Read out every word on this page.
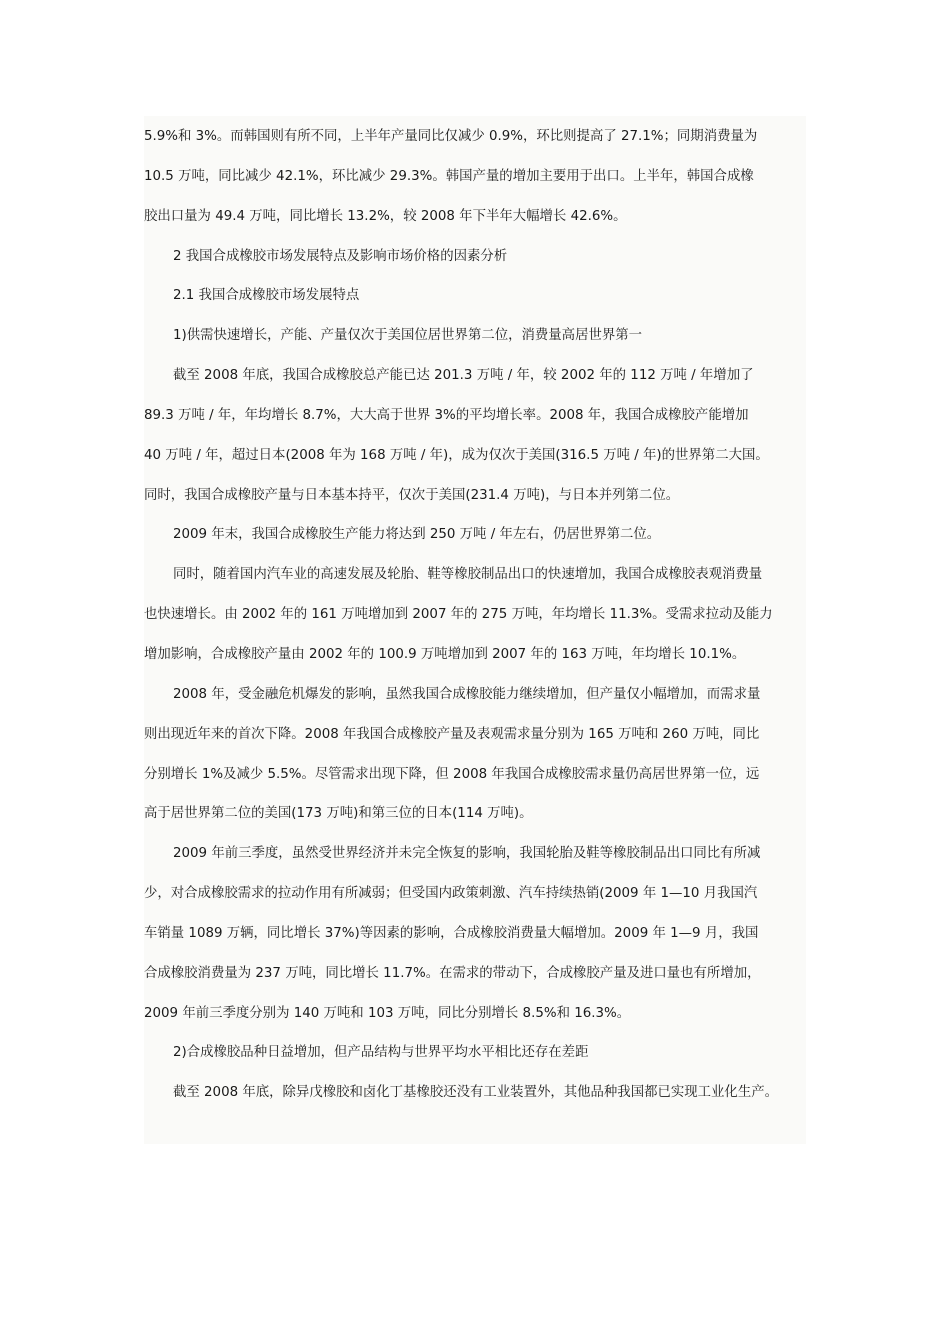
5.9%和 3%。而韩国则有所不同，上半年产量同比仅减少 0.9%，环比则提高了 27.1%；同期消费量为
10.5 万吨，同比减少 42.1%，环比减少 29.3%。韩国产量的增加主要用于出口。上半年，韩国合成橡
胶出口量为 49.4 万吨，同比增长 13.2%，较 2008 年下半年大幅增长 42.6%。
2 我国合成橡胶市场发展特点及影响市场价格的因素分析
2.1 我国合成橡胶市场发展特点
1)供需快速增长，产能、产量仅次于美国位居世界第二位，消费量高居世界第一
截至 2008 年底，我国合成橡胶总产能已达 201.3 万吨 / 年，较 2002 年的 112 万吨 / 年增加了
89.3 万吨 / 年，年均增长 8.7%，大大高于世界 3%的平均增长率。2008 年，我国合成橡胶产能增加
40 万吨 / 年，超过日本(2008 年为 168 万吨 / 年)，成为仅次于美国(316.5 万吨 / 年)的世界第二大国。
同时，我国合成橡胶产量与日本基本持平，仅次于美国(231.4 万吨)，与日本并列第二位。
2009 年末，我国合成橡胶生产能力将达到 250 万吨 / 年左右，仍居世界第二位。
同时，随着国内汽车业的高速发展及轮胎、鞋等橡胶制品出口的快速增加，我国合成橡胶表观消费量
也快速增长。由 2002 年的 161 万吨增加到 2007 年的 275 万吨，年均增长 11.3%。受需求拉动及能力
增加影响，合成橡胶产量由 2002 年的 100.9 万吨增加到 2007 年的 163 万吨，年均增长 10.1%。
2008 年，受金融危机爆发的影响，虽然我国合成橡胶能力继续增加，但产量仅小幅增加，而需求量
则出现近年来的首次下降。2008 年我国合成橡胶产量及表观需求量分别为 165 万吨和 260 万吨，同比
分别增长 1%及减少 5.5%。尽管需求出现下降，但 2008 年我国合成橡胶需求量仍高居世界第一位，远
高于居世界第二位的美国(173 万吨)和第三位的日本(114 万吨)。
2009 年前三季度，虽然受世界经济并未完全恢复的影响，我国轮胎及鞋等橡胶制品出口同比有所减
少，对合成橡胶需求的拉动作用有所减弱；但受国内政策刺激、汽车持续热销(2009 年 1—10 月我国汽
车销量 1089 万辆，同比增长 37%)等因素的影响，合成橡胶消费量大幅增加。2009 年 1—9 月，我国
合成橡胶消费量为 237 万吨，同比增长 11.7%。在需求的带动下，合成橡胶产量及进口量也有所增加，
2009 年前三季度分别为 140 万吨和 103 万吨，同比分别增长 8.5%和 16.3%。
2)合成橡胶品种日益增加，但产品结构与世界平均水平相比还存在差距
截至 2008 年底，除异戊橡胶和卤化丁基橡胶还没有工业装置外，其他品种我国都已实现工业化生产。
